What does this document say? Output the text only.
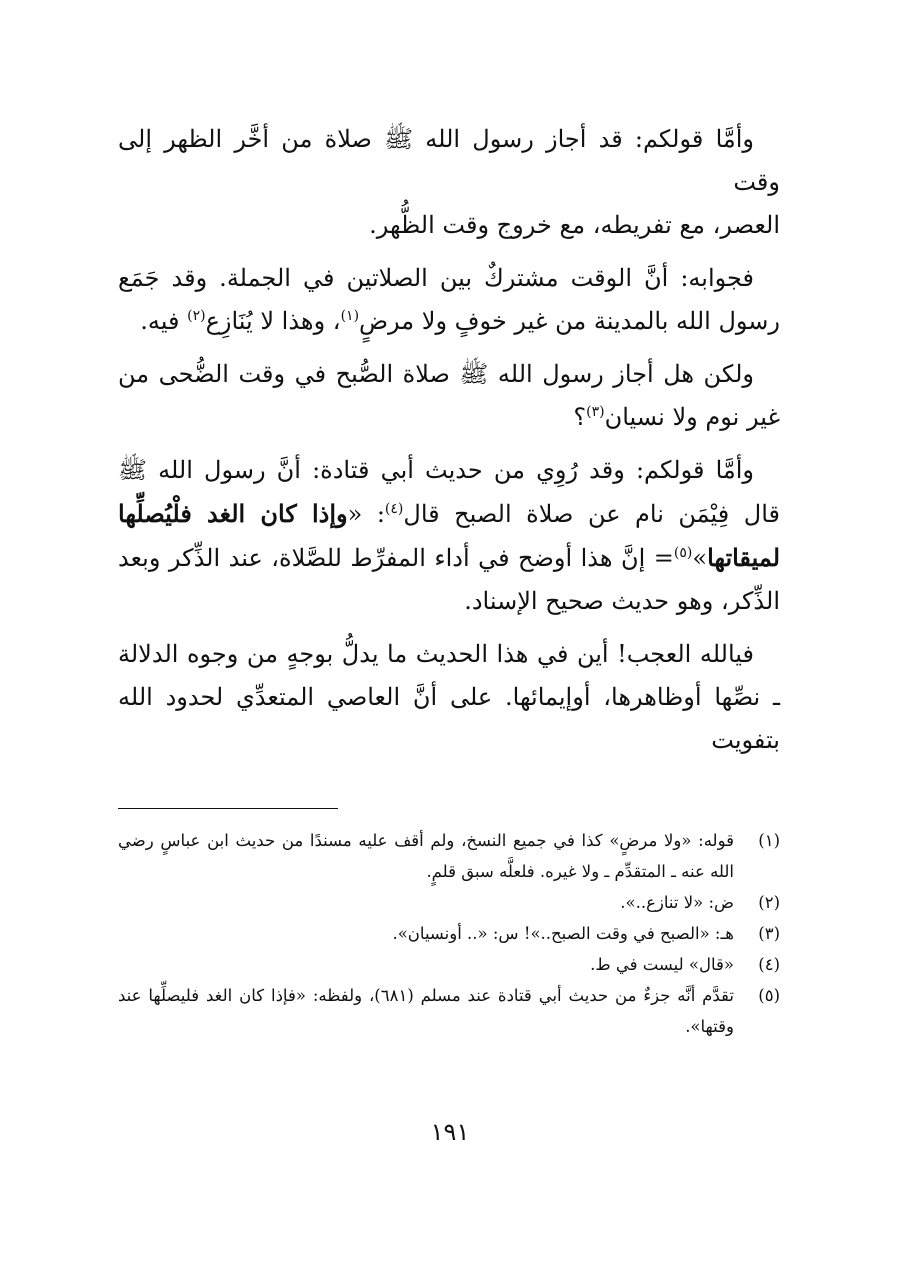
وأمَّا قولكم: قد أجاز رسول الله ﷺ صلاة من أخَّر الظهر إلى وقت
العصر، مع تفريطه، مع خروج وقت الظُّهر.

فجوابه: أنَّ الوقت مشتركٌ بين الصلاتين في الجملة. وقد جَمَع رسول الله بالمدينة من غير خوفٍ ولا مرضٍ$^{(١)}$، وهذا لا يُنَازِع$^{(٢)}$ فيه.

ولكن هل أجاز رسول الله ﷺ صلاة الصُّبح في وقت الضُّحى من غير نوم ولا نسيان$^{(٣)}$؟

وأمَّا قولكم: وقد رُوِي من حديث أبي قتادة: أنَّ رسول الله ﷺ قال فِيْمَن نام عن صلاة الصبح قال$^{(٤)}$: «وإذا كان الغد فلْيُصلِّها لميقاتها»$^{(٥)}$= إنَّ هذا أوضح في أداء المفرِّط للصَّلاة، عند الذِّكر وبعد الذِّكر، وهو حديث صحيح الإسناد.

فيالله العجب! أين في هذا الحديث ما يدلُّ بوجهٍ من وجوه الدلالة ـ نصِّها أوظاهرها، أوإيمائها. على أنَّ العاصي المتعدِّي لحدود الله بتفويت

(١)
قوله: «ولا مرضٍ» كذا في جميع النسخ، ولم أقف عليه مسندًا من حديث ابن عباسٍ رضي الله عنه ـ المتقدِّم ـ ولا غيره. فلعلَّه سبق قلمٍ.
(٢)
ض: «لا تنازع..».
(٣)
هـ: «الصبح في وقت الصبح..»! س: «.. أونسيان».
(٤)
«قال» ليست في ط.
(٥)
تقدَّم أنَّه جزءٌ من حديث أبي قتادة عند مسلم (٦٨١)، ولفظه: «فإذا كان الغد فليصلِّها عند وقتها».
١٩١
